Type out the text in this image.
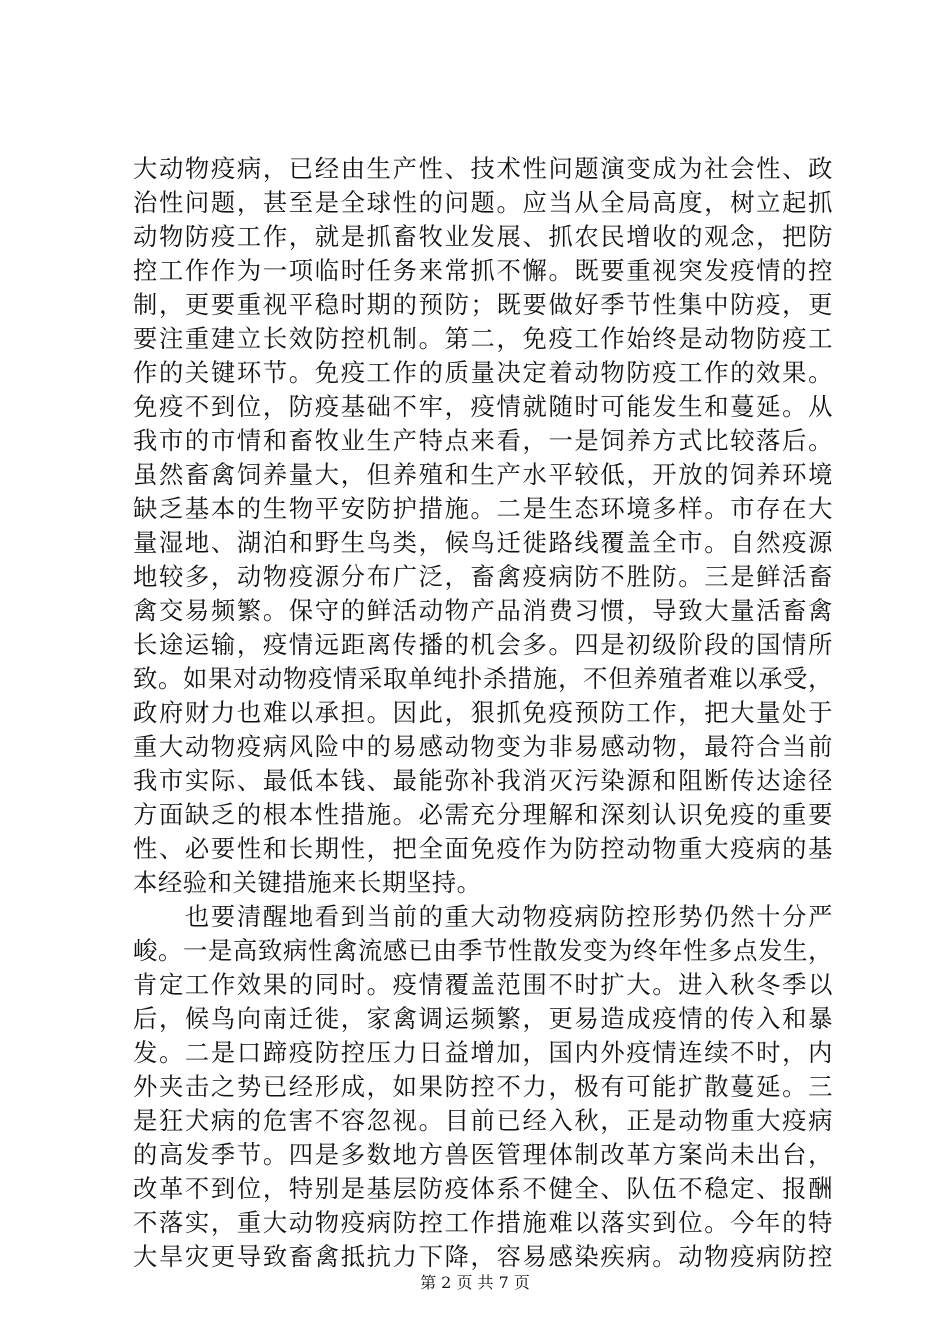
大动物疫病，已经由生产性、技术性问题演变成为社会性、政
治性问题，甚至是全球性的问题。应当从全局高度，树立起抓
动物防疫工作，就是抓畜牧业发展、抓农民增收的观念，把防
控工作作为一项临时任务来常抓不懈。既要重视突发疫情的控
制，更要重视平稳时期的预防；既要做好季节性集中防疫，更
要注重建立长效防控机制。第二，免疫工作始终是动物防疫工
作的关键环节。免疫工作的质量决定着动物防疫工作的效果。
免疫不到位，防疫基础不牢，疫情就随时可能发生和蔓延。从
我市的市情和畜牧业生产特点来看，一是饲养方式比较落后。
虽然畜禽饲养量大，但养殖和生产水平较低，开放的饲养环境
缺乏基本的生物平安防护措施。二是生态环境多样。市存在大
量湿地、湖泊和野生鸟类，候鸟迁徙路线覆盖全市。自然疫源
地较多，动物疫源分布广泛，畜禽疫病防不胜防。三是鲜活畜
禽交易频繁。保守的鲜活动物产品消费习惯，导致大量活畜禽
长途运输，疫情远距离传播的机会多。四是初级阶段的国情所
致。如果对动物疫情采取单纯扑杀措施，不但养殖者难以承受，
政府财力也难以承担。因此，狠抓免疫预防工作，把大量处于
重大动物疫病风险中的易感动物变为非易感动物，最符合当前
我市实际、最低本钱、最能弥补我消灭污染源和阻断传达途径
方面缺乏的根本性措施。必需充分理解和深刻认识免疫的重要
性、必要性和长期性，把全面免疫作为防控动物重大疫病的基
本经验和关键措施来长期坚持。
　　也要清醒地看到当前的重大动物疫病防控形势仍然十分严
峻。一是高致病性禽流感已由季节性散发变为终年性多点发生，
肯定工作效果的同时。疫情覆盖范围不时扩大。进入秋冬季以
后，候鸟向南迁徙，家禽调运频繁，更易造成疫情的传入和暴
发。二是口蹄疫防控压力日益增加，国内外疫情连续不时，内
外夹击之势已经形成，如果防控不力，极有可能扩散蔓延。三
是狂犬病的危害不容忽视。目前已经入秋，正是动物重大疫病
的高发季节。四是多数地方兽医管理体制改革方案尚未出台，
改革不到位，特别是基层防疫体系不健全、队伍不稳定、报酬
不落实，重大动物疫病防控工作措施难以落实到位。今年的特
大旱灾更导致畜禽抵抗力下降，容易感染疾病。动物疫病防控
第 2 页 共 7 页
